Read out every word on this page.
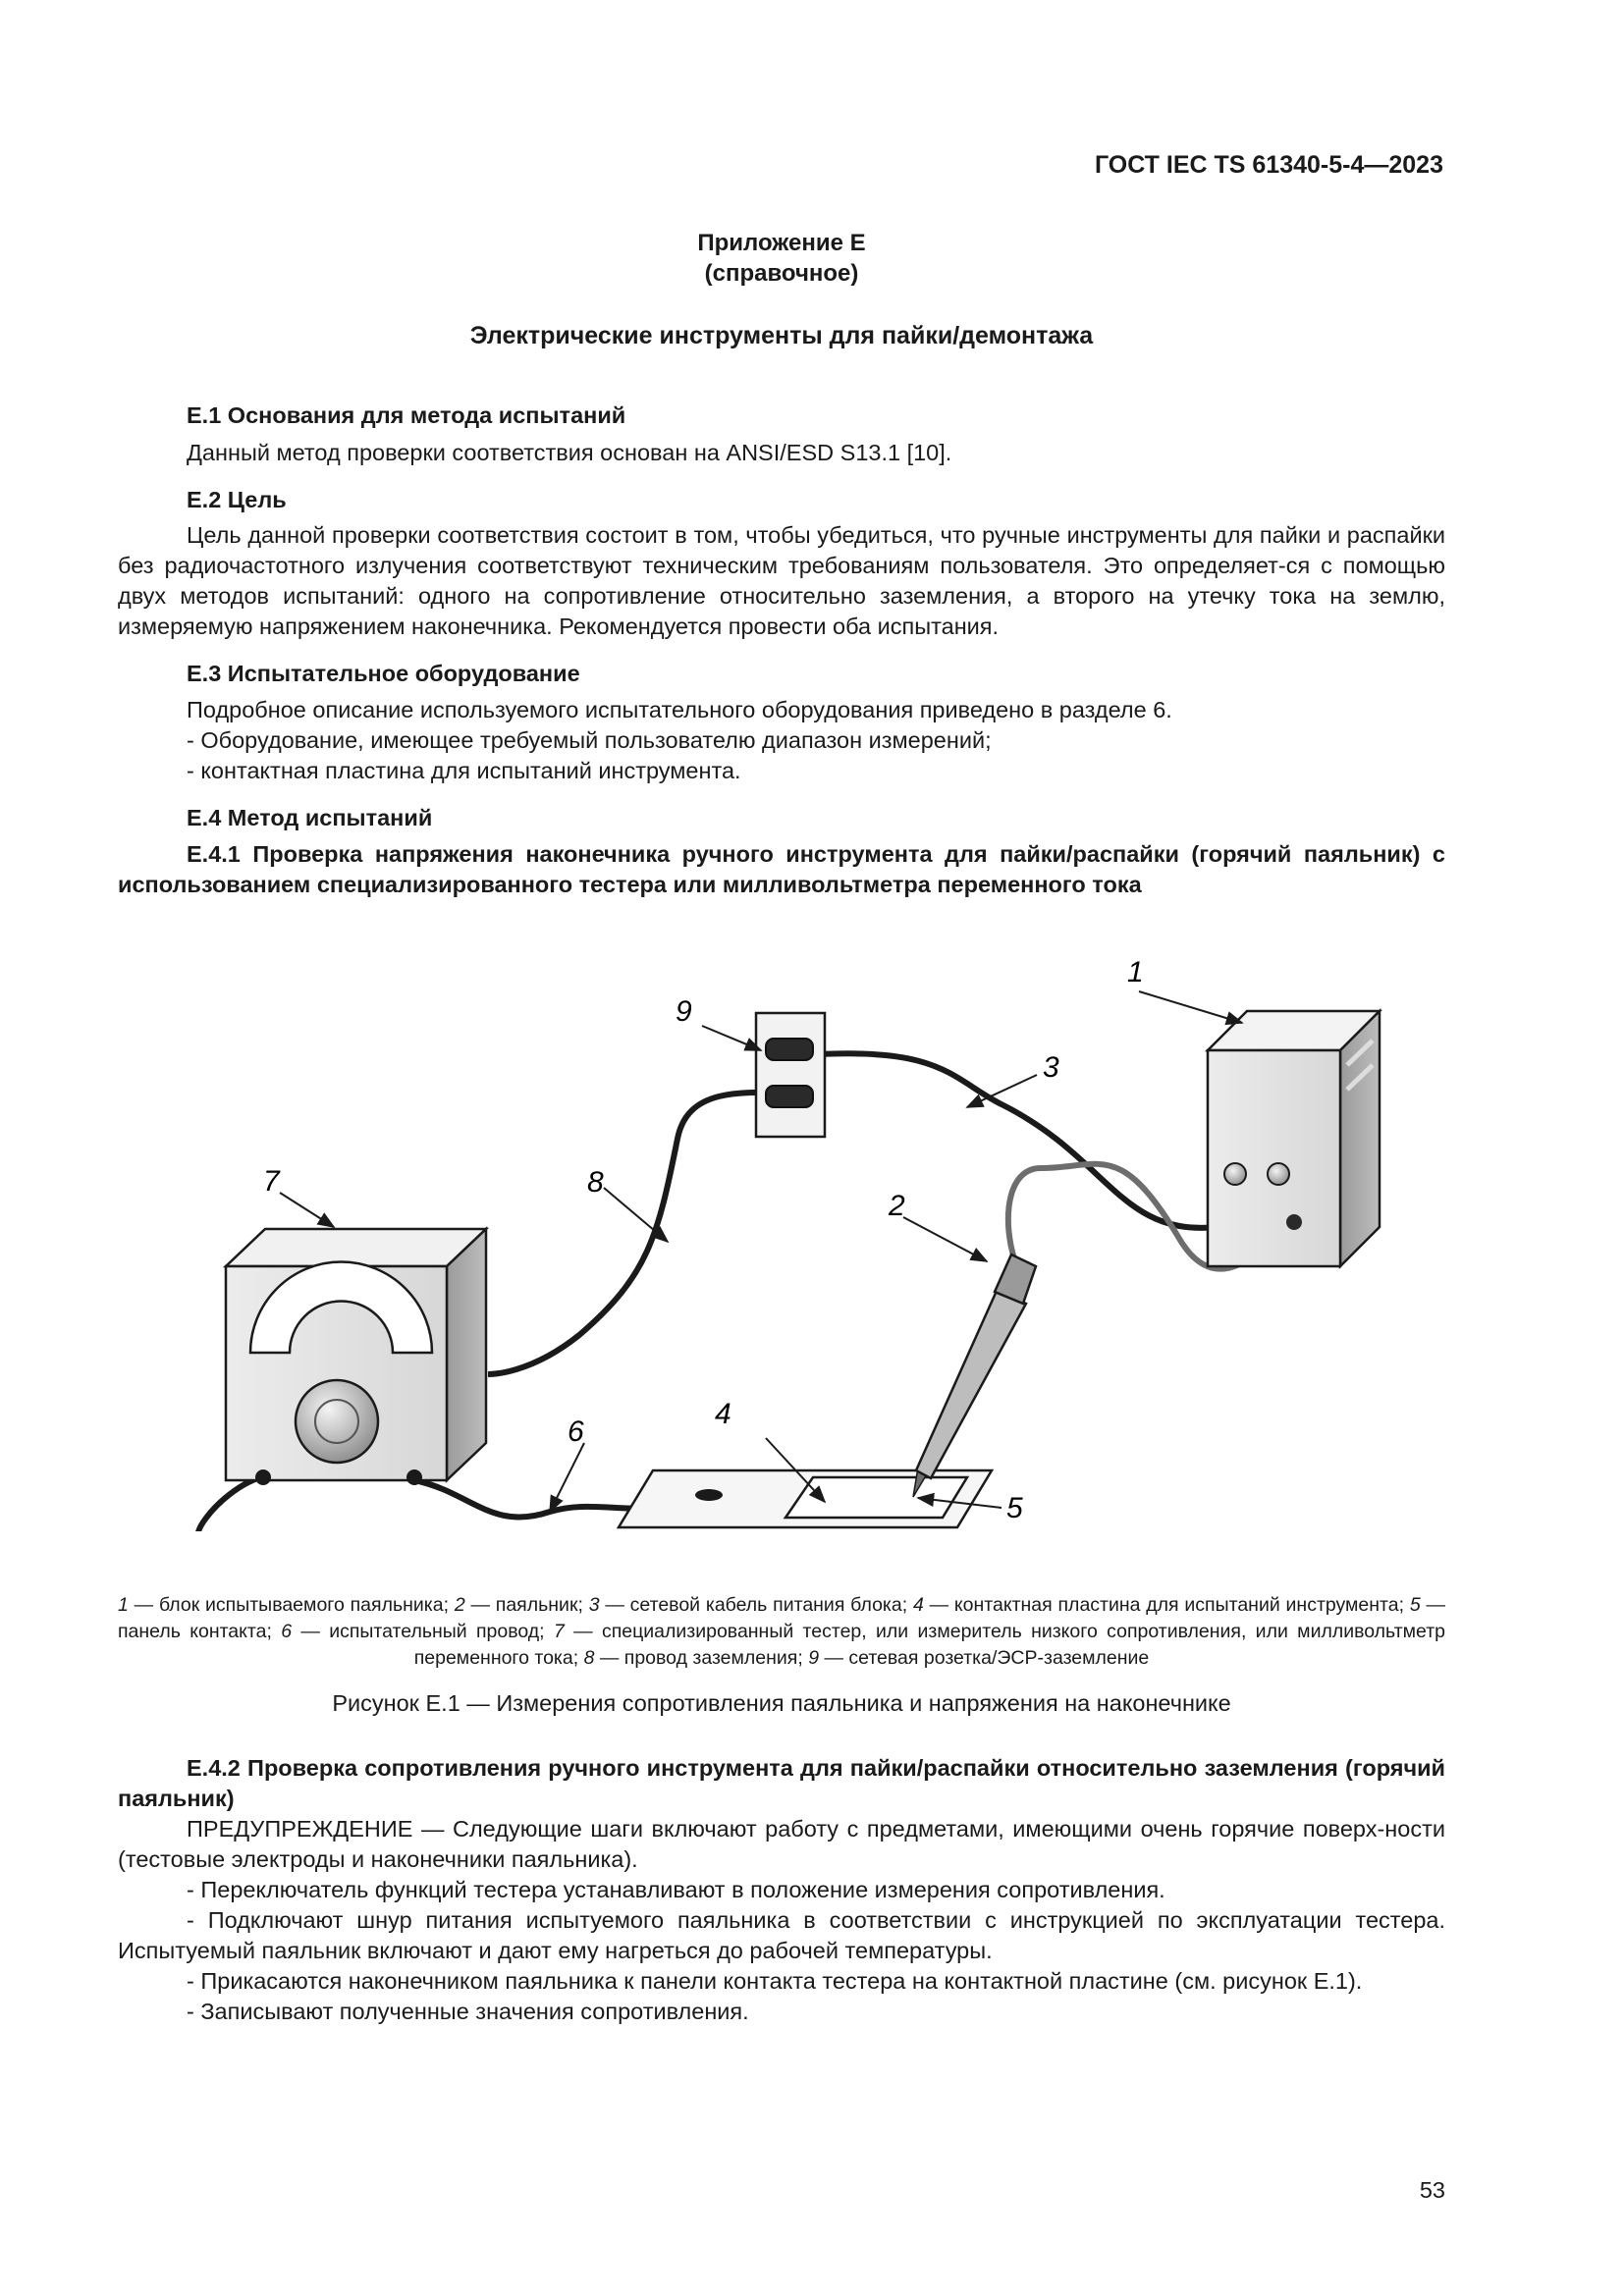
ГОСТ IEC TS 61340-5-4—2023
Приложение Е
(справочное)
Электрические инструменты для пайки/демонтажа
Е.1 Основания для метода испытаний
Данный метод проверки соответствия основан на ANSI/ESD S13.1 [10].
Е.2 Цель

Цель данной проверки соответствия состоит в том, чтобы убедиться, что ручные инструменты для пайки и распайки без радиочастотного излучения соответствуют техническим требованиям пользователя. Это определяет-ся с помощью двух методов испытаний: одного на сопротивление относительно заземления, а второго на утечку тока на землю, измеряемую напряжением наконечника. Рекомендуется провести оба испытания.

Е.3 Испытательное оборудование
Подробное описание используемого испытательного оборудования приведено в разделе 6.
- Оборудование, имеющее требуемый пользователю диапазон измерений;
- контактная пластина для испытаний инструмента.
Е.4 Метод испытаний

Е.4.1 Проверка напряжения наконечника ручного инструмента для пайки/распайки (горячий паяльник) с использованием специализированного тестера или милливольтметра переменного тока

1
2
3
4
5
6
7	8
9

1 — блок испытываемого паяльника; 2 — паяльник; 3 — сетевой кабель питания блока; 4 — контактная пластина для испытаний инструмента; 5 — панель контакта; 6 — испытательный провод; 7 — специализированный тестер, или измеритель низкого сопротивления, или милливольтметр переменного тока; 8 — провод заземления; 9 — сетевая розетка/ЭСР-заземление

Рисунок Е.1 — Измерения сопротивления паяльника и напряжения на наконечнике

Е.4.2 Проверка сопротивления ручного инструмента для пайки/распайки относительно заземления (горячий паяльник)

ПРЕДУПРЕЖДЕНИЕ — Следующие шаги включают работу с предметами, имеющими очень горячие поверх-ности (тестовые электроды и наконечники паяльника).

- Переключатель функций тестера устанавливают в положение измерения сопротивления.

- Подключают шнур питания испытуемого паяльника в соответствии с инструкцией по эксплуатации тестера. Испытуемый паяльник включают и дают ему нагреться до рабочей температуры.

- Прикасаются наконечником паяльника к панели контакта тестера на контактной пластине (см. рисунок Е.1).

- Записывают полученные значения сопротивления.

53
